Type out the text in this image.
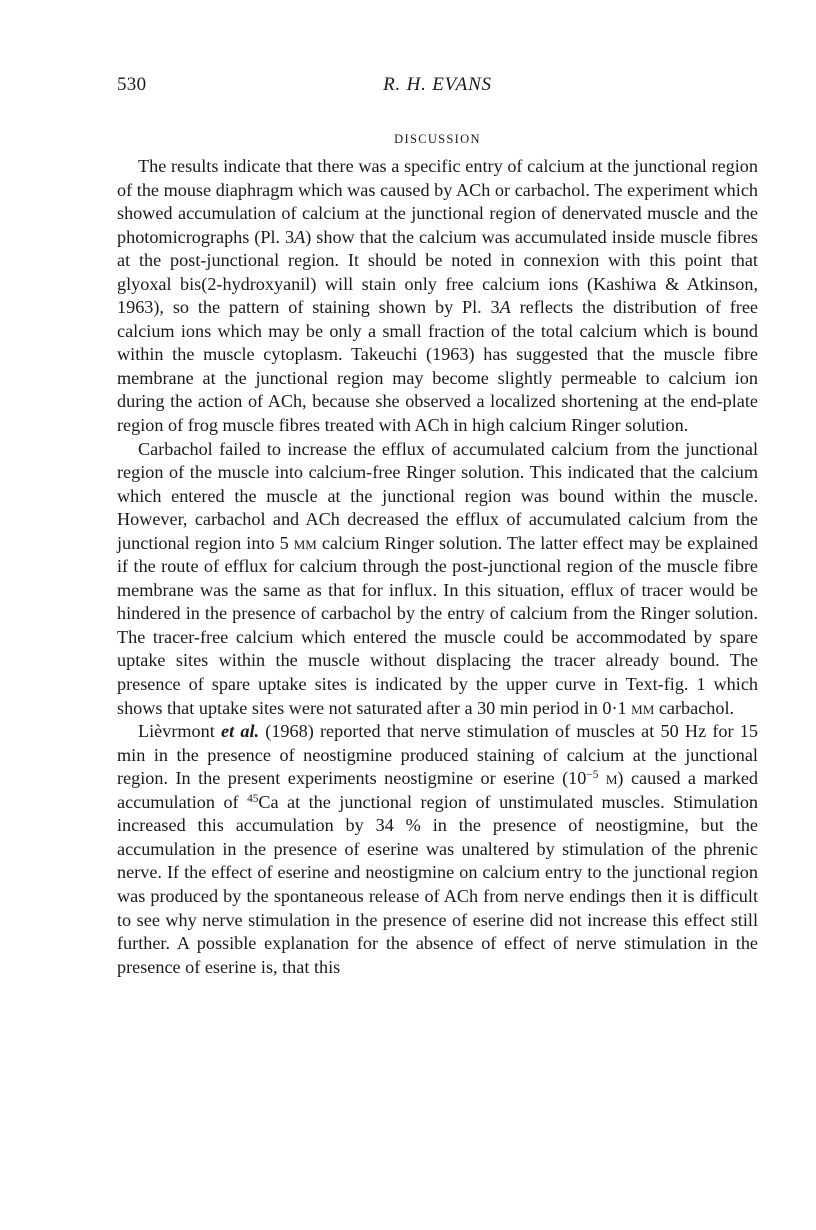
530	R. H. EVANS
DISCUSSION

The results indicate that there was a specific entry of calcium at the junctional region of the mouse diaphragm which was caused by ACh or carbachol. The experiment which showed accumulation of calcium at the junctional region of denervated muscle and the photomicrographs (Pl. 3A) show that the calcium was accumulated inside muscle fibres at the post-junctional region. It should be noted in connexion with this point that glyoxal bis(2-hydroxyanil) will stain only free calcium ions (Kashiwa & Atkinson, 1963), so the pattern of staining shown by Pl. 3A reflects the distribution of free calcium ions which may be only a small fraction of the total calcium which is bound within the muscle cytoplasm. Takeuchi (1963) has suggested that the muscle fibre membrane at the junctional region may become slightly permeable to calcium ion during the action of ACh, because she observed a localized shortening at the end-plate region of frog muscle fibres treated with ACh in high calcium Ringer solution.

Carbachol failed to increase the efflux of accumulated calcium from the junctional region of the muscle into calcium-free Ringer solution. This indicated that the calcium which entered the muscle at the junctional region was bound within the muscle. However, carbachol and ACh decreased the efflux of accumulated calcium from the junctional region into 5 mm calcium Ringer solution. The latter effect may be explained if the route of efflux for calcium through the post-junctional region of the muscle fibre membrane was the same as that for influx. In this situation, efflux of tracer would be hindered in the presence of carbachol by the entry of calcium from the Ringer solution. The tracer-free calcium which entered the muscle could be accommodated by spare uptake sites within the muscle without displacing the tracer already bound. The presence of spare uptake sites is indicated by the upper curve in Text-fig. 1 which shows that uptake sites were not saturated after a 30 min period in 0·1 mm carbachol.

Lièvrmont et al. (1968) reported that nerve stimulation of muscles at 50 Hz for 15 min in the presence of neostigmine produced staining of calcium at the junctional region. In the present experiments neostigmine or eserine ($10^{-5}$ m) caused a marked accumulation of $^{45}$Ca at the junctional region of unstimulated muscles. Stimulation increased this accumulation by 34 % in the presence of neostigmine, but the accumulation in the presence of eserine was unaltered by stimulation of the phrenic nerve. If the effect of eserine and neostigmine on calcium entry to the junctional region was produced by the spontaneous release of ACh from nerve endings then it is difficult to see why nerve stimulation in the presence of eserine did not increase this effect still further. A possible explanation for the absence of effect of nerve stimulation in the presence of eserine is, that this
